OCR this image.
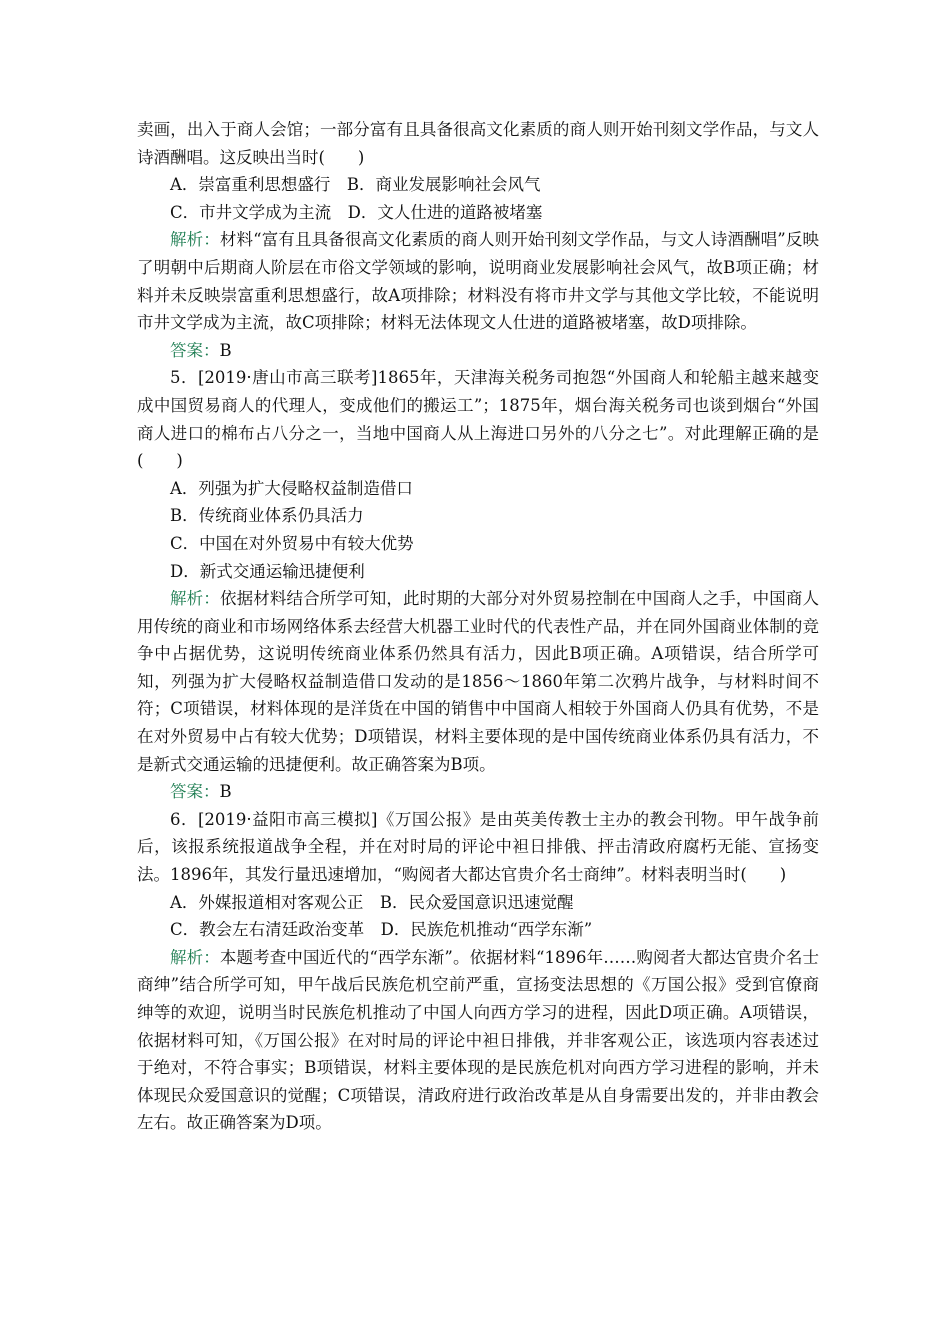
卖画，出入于商人会馆；一部分富有且具备很高文化素质的商人则开始刊刻文学作品，与文人诗酒酬唱。这反映出当时(　　)

A．崇富重利思想盛行　B．商业发展影响社会风气

C．市井文学成为主流　D．文人仕进的道路被堵塞

解析：材料“富有且具备很高文化素质的商人则开始刊刻文学作品，与文人诗酒酬唱”反映了明朝中后期商人阶层在市俗文学领域的影响，说明商业发展影响社会风气，故B项正确；材料并未反映崇富重利思想盛行，故A项排除；材料没有将市井文学与其他文学比较，不能说明市井文学成为主流，故C项排除；材料无法体现文人仕进的道路被堵塞，故D项排除。

答案：B

5．[2019·唐山市高三联考]1865年，天津海关税务司抱怨“外国商人和轮船主越来越变成中国贸易商人的代理人，变成他们的搬运工”；1875年，烟台海关税务司也谈到烟台“外国商人进口的棉布占八分之一，当地中国商人从上海进口另外的八分之七”。对此理解正确的是(　　)

A．列强为扩大侵略权益制造借口

B．传统商业体系仍具活力

C．中国在对外贸易中有较大优势

D．新式交通运输迅捷便利

解析：依据材料结合所学可知，此时期的大部分对外贸易控制在中国商人之手，中国商人用传统的商业和市场网络体系去经营大机器工业时代的代表性产品，并在同外国商业体制的竞争中占据优势，这说明传统商业体系仍然具有活力，因此B项正确。A项错误，结合所学可知，列强为扩大侵略权益制造借口发动的是1856～1860年第二次鸦片战争，与材料时间不符；C项错误，材料体现的是洋货在中国的销售中中国商人相较于外国商人仍具有优势，不是在对外贸易中占有较大优势；D项错误，材料主要体现的是中国传统商业体系仍具有活力，不是新式交通运输的迅捷便利。故正确答案为B项。

答案：B

6．[2019·益阳市高三模拟]《万国公报》是由英美传教士主办的教会刊物。甲午战争前后，该报系统报道战争全程，并在对时局的评论中袒日排俄、抨击清政府腐朽无能、宣扬变法。1896年，其发行量迅速增加，“购阅者大都达官贵介名士商绅”。材料表明当时(　　)

A．外媒报道相对客观公正　B．民众爱国意识迅速觉醒

C．教会左右清廷政治变革　D．民族危机推动“西学东渐”

解析：本题考查中国近代的“西学东渐”。依据材料“1896年……购阅者大都达官贵介名士商绅”结合所学可知，甲午战后民族危机空前严重，宣扬变法思想的《万国公报》受到官僚商绅等的欢迎，说明当时民族危机推动了中国人向西方学习的进程，因此D项正确。A项错误，依据材料可知，《万国公报》在对时局的评论中袒日排俄，并非客观公正，该选项内容表述过于绝对，不符合事实；B项错误，材料主要体现的是民族危机对向西方学习进程的影响，并未体现民众爱国意识的觉醒；C项错误，清政府进行政治改革是从自身需要出发的，并非由教会左右。故正确答案为D项。
